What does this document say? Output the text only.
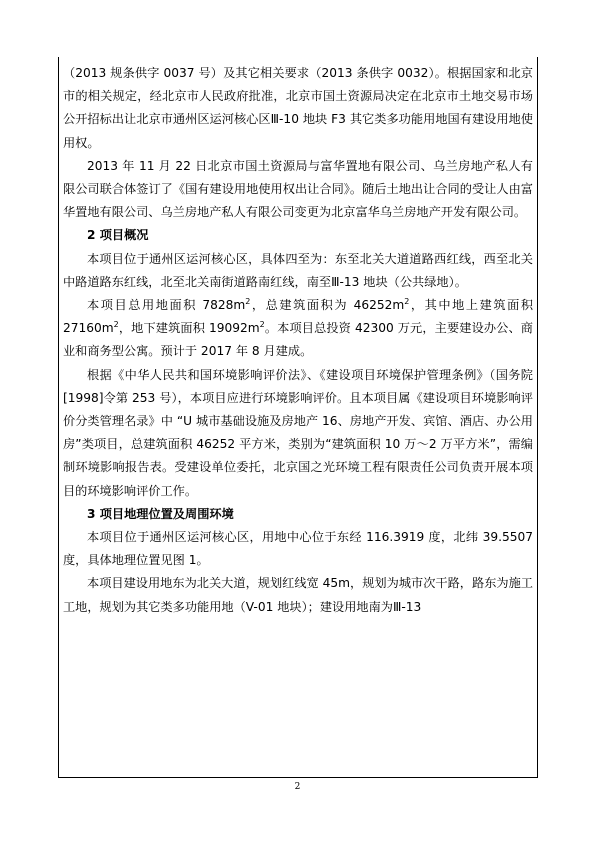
（2013 规条供字 0037 号）及其它相关要求（2013 条供字 0032）。根据国家和北京市的相关规定，经北京市人民政府批准，北京市国土资源局决定在北京市土地交易市场公开招标出让北京市通州区运河核心区Ⅲ-10 地块 F3 其它类多功能用地国有建设用地使用权。

2013 年 11 月 22 日北京市国土资源局与富华置地有限公司、乌兰房地产私人有限公司联合体签订了《国有建设用地使用权出让合同》。随后土地出让合同的受让人由富华置地有限公司、乌兰房地产私人有限公司变更为北京富华乌兰房地产开发有限公司。

2 项目概况

本项目位于通州区运河核心区，具体四至为：东至北关大道道路西红线，西至北关中路道路东红线，北至北关南街道路南红线，南至Ⅲ-13 地块（公共绿地）。

本项目总用地面积 $7828m^2$，总建筑面积为 $46252m^2$，其中地上建筑面积 $27160m^2$，地下建筑面积 $19092m^2$。本项目总投资 42300 万元，主要建设办公、商业和商务型公寓。预计于 2017 年 8 月建成。

根据《中华人民共和国环境影响评价法》、《建设项目环境保护管理条例》（国务院[1998]令第 253 号），本项目应进行环境影响评价。且本项目属《建设项目环境影响评价分类管理名录》中 “U 城市基础设施及房地产 16、房地产开发、宾馆、酒店、办公用房”类项目，总建筑面积 46252 平方米，类别为“建筑面积 10 万～2 万平方米”，需编制环境影响报告表。受建设单位委托，北京国之光环境工程有限责任公司负责开展本项目的环境影响评价工作。

3 项目地理位置及周围环境

本项目位于通州区运河核心区，用地中心位于东经 116.3919 度，北纬 39.5507 度，具体地理位置见图 1。

本项目建设用地东为北关大道，规划红线宽 45m，规划为城市次干路，路东为施工工地，规划为其它类多功能用地（V-01 地块）；建设用地南为Ⅲ-13

2
